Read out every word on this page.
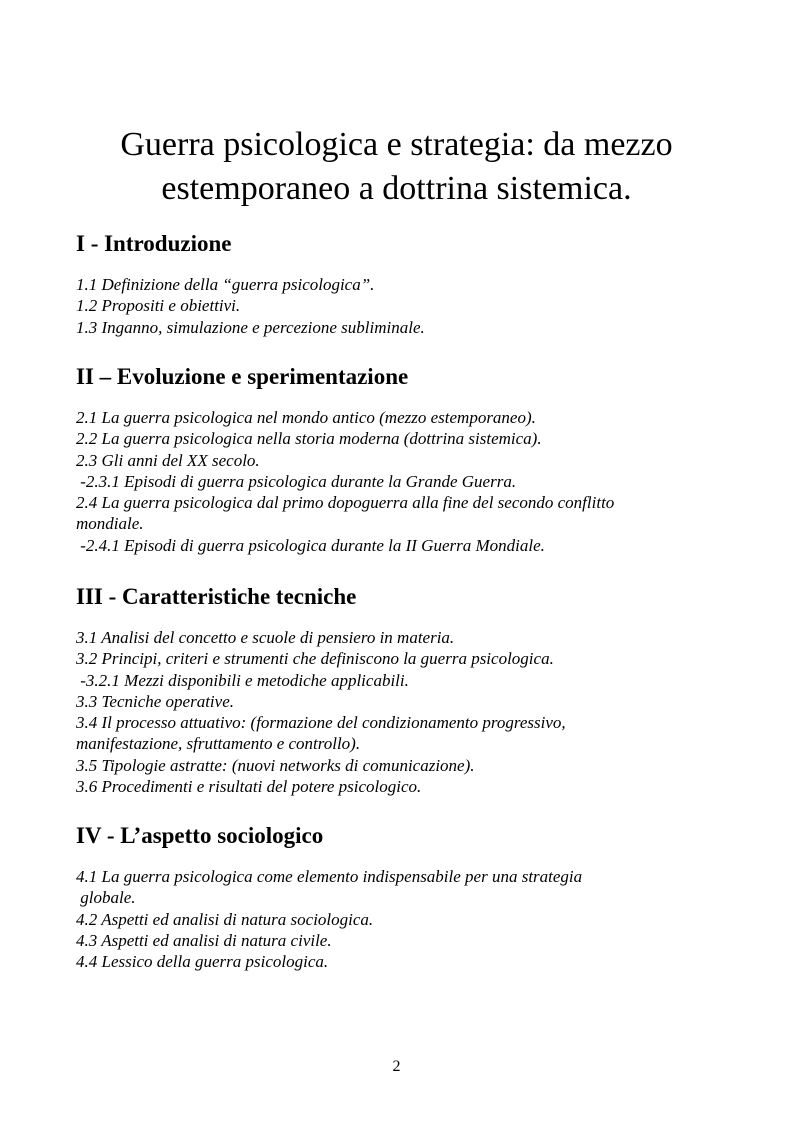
Guerra psicologica e strategia: da mezzo
estemporaneo a dottrina sistemica.
I - Introduzione
1.1 Definizione della “guerra psicologica”.
1.2 Propositi e obiettivi.
1.3 Inganno, simulazione e percezione subliminale.
II – Evoluzione e sperimentazione
2.1 La guerra psicologica nel mondo antico (mezzo estemporaneo).
2.2 La guerra psicologica nella storia moderna (dottrina sistemica).
2.3 Gli anni del XX secolo.
-2.3.1 Episodi di guerra psicologica durante la Grande Guerra.
2.4 La guerra psicologica dal primo dopoguerra alla fine del secondo conflitto
mondiale.
-2.4.1 Episodi di guerra psicologica durante la II Guerra Mondiale.
III - Caratteristiche tecniche
3.1 Analisi del concetto e scuole di pensiero in materia.
3.2 Principi, criteri e strumenti che definiscono la guerra psicologica.
-3.2.1 Mezzi disponibili e metodiche applicabili.
3.3 Tecniche operative.
3.4 Il processo attuativo: (formazione del condizionamento progressivo,
manifestazione, sfruttamento e controllo).
3.5 Tipologie astratte: (nuovi networks di comunicazione).
3.6 Procedimenti e risultati del potere psicologico.
IV - L’aspetto sociologico
4.1 La guerra psicologica come elemento indispensabile per una strategia
globale.
4.2 Aspetti ed analisi di natura sociologica.
4.3 Aspetti ed analisi di natura civile.
4.4 Lessico della guerra psicologica.
2
